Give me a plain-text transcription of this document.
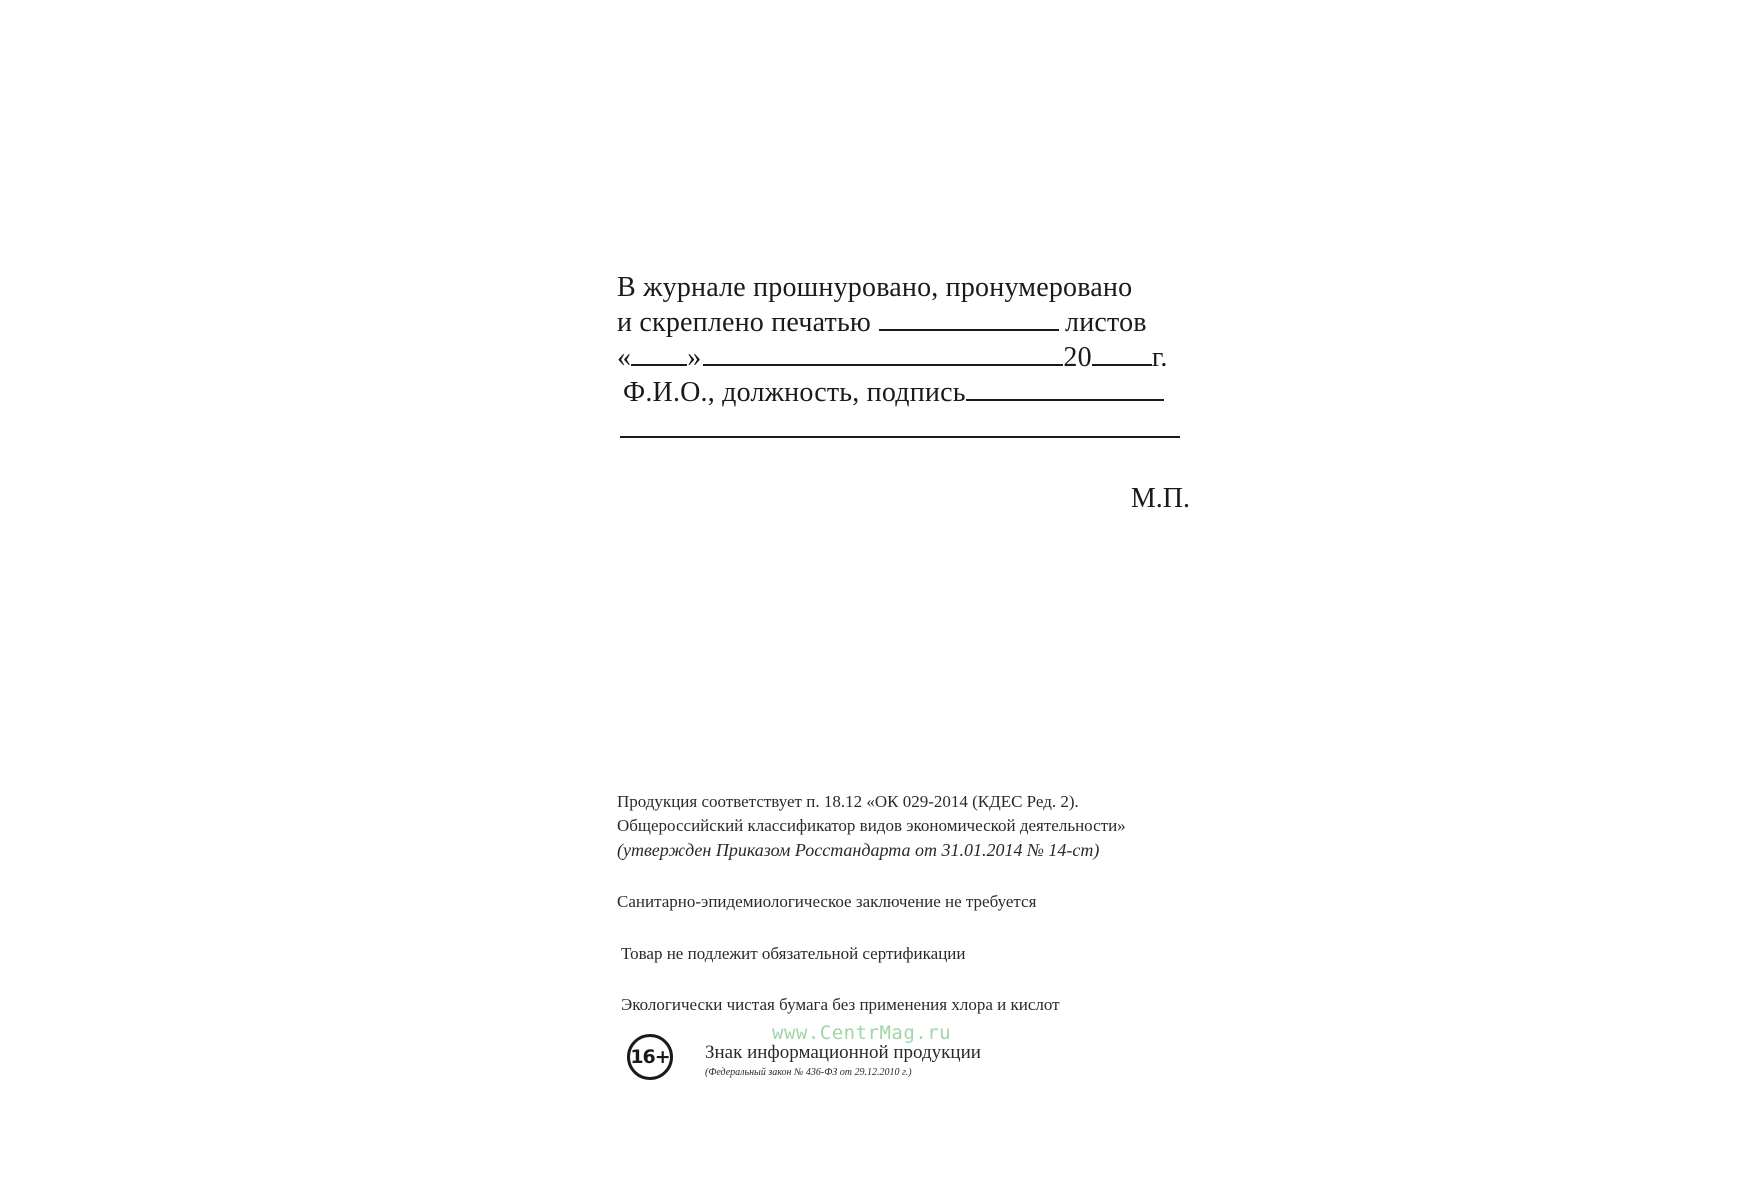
В журнале прошнуровано, пронумеровано
и скреплено печатью	листов
« »	20 г.
Ф.И.О., должность, подпись
М.П.
Продукция соответствует п. 18.12 «ОК 029-2014 (КДЕС Ред. 2).
Общероссийский классификатор видов экономической деятельности»
(утвержден Приказом Росстандарта от 31.01.2014 № 14-ст)
Санитарно-эпидемиологическое заключение не требуется
Товар не подлежит обязательной сертификации
Экологически чистая бумага без применения хлора и кислот
www.CentrMag.ru
16+ Знак информационной продукции
(Федеральный закон № 436-ФЗ от 29.12.2010 г.)
